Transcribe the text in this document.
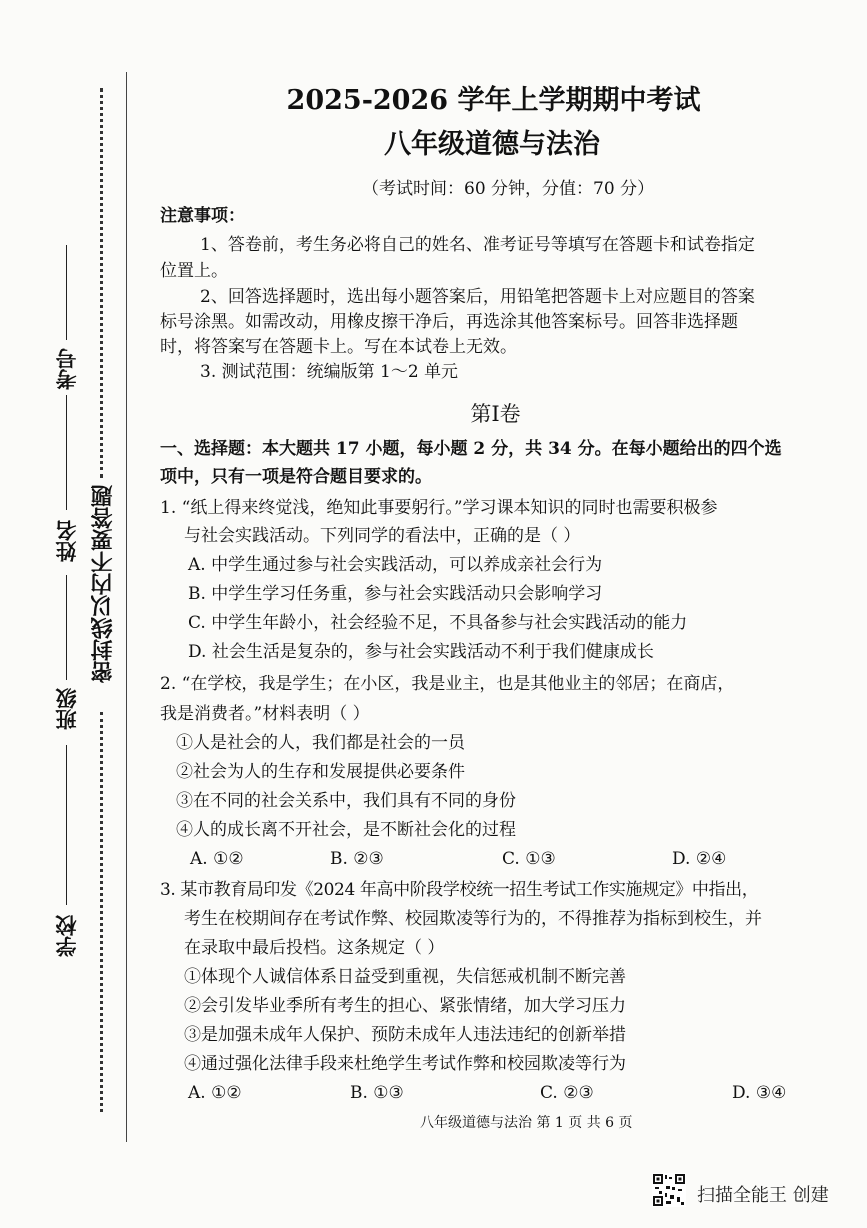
考号
姓名
班级
学校
密封线以内不要答题
2025-2026 学年上学期期中考试
八年级道德与法治
（考试时间：60 分钟，分值：70 分）
注意事项：
1、答卷前，考生务必将自己的姓名、准考证号等填写在答题卡和试卷指定
位置上。
2、回答选择题时，选出每小题答案后，用铅笔把答题卡上对应题目的答案
标号涂黑。如需改动，用橡皮擦干净后，再选涂其他答案标号。回答非选择题
时，将答案写在答题卡上。写在本试卷上无效。
3. 测试范围：统编版第 1～2 单元
第Ⅰ卷
一、选择题：本大题共 17 小题，每小题 2 分，共 34 分。在每小题给出的四个选
项中，只有一项是符合题目要求的。
1. “纸上得来终觉浅，绝知此事要躬行。”学习课本知识的同时也需要积极参
与社会实践活动。下列同学的看法中，正确的是（ ）
A. 中学生通过参与社会实践活动，可以养成亲社会行为
B. 中学生学习任务重，参与社会实践活动只会影响学习
C. 中学生年龄小，社会经验不足，不具备参与社会实践活动的能力
D. 社会生活是复杂的，参与社会实践活动不利于我们健康成长
2. “在学校，我是学生；在小区，我是业主，也是其他业主的邻居；在商店，
我是消费者。”材料表明（ ）
①人是社会的人，我们都是社会的一员
②社会为人的生存和发展提供必要条件
③在不同的社会关系中，我们具有不同的身份
④人的成长离不开社会，是不断社会化的过程
A. ①②	B. ②③	C. ①③	D. ②④
3. 某市教育局印发《2024 年高中阶段学校统一招生考试工作实施规定》中指出，
考生在校期间存在考试作弊、校园欺凌等行为的，不得推荐为指标到校生，并
在录取中最后投档。这条规定（ ）
①体现个人诚信体系日益受到重视，失信惩戒机制不断完善
②会引发毕业季所有考生的担心、紧张情绪，加大学习压力
③是加强未成年人保护、预防未成年人违法违纪的创新举措
④通过强化法律手段来杜绝学生考试作弊和校园欺凌等行为
A. ①②	B. ①③	C. ②③	D. ③④
八年级道德与法治 第 1 页 共 6 页
扫描全能王 创建
